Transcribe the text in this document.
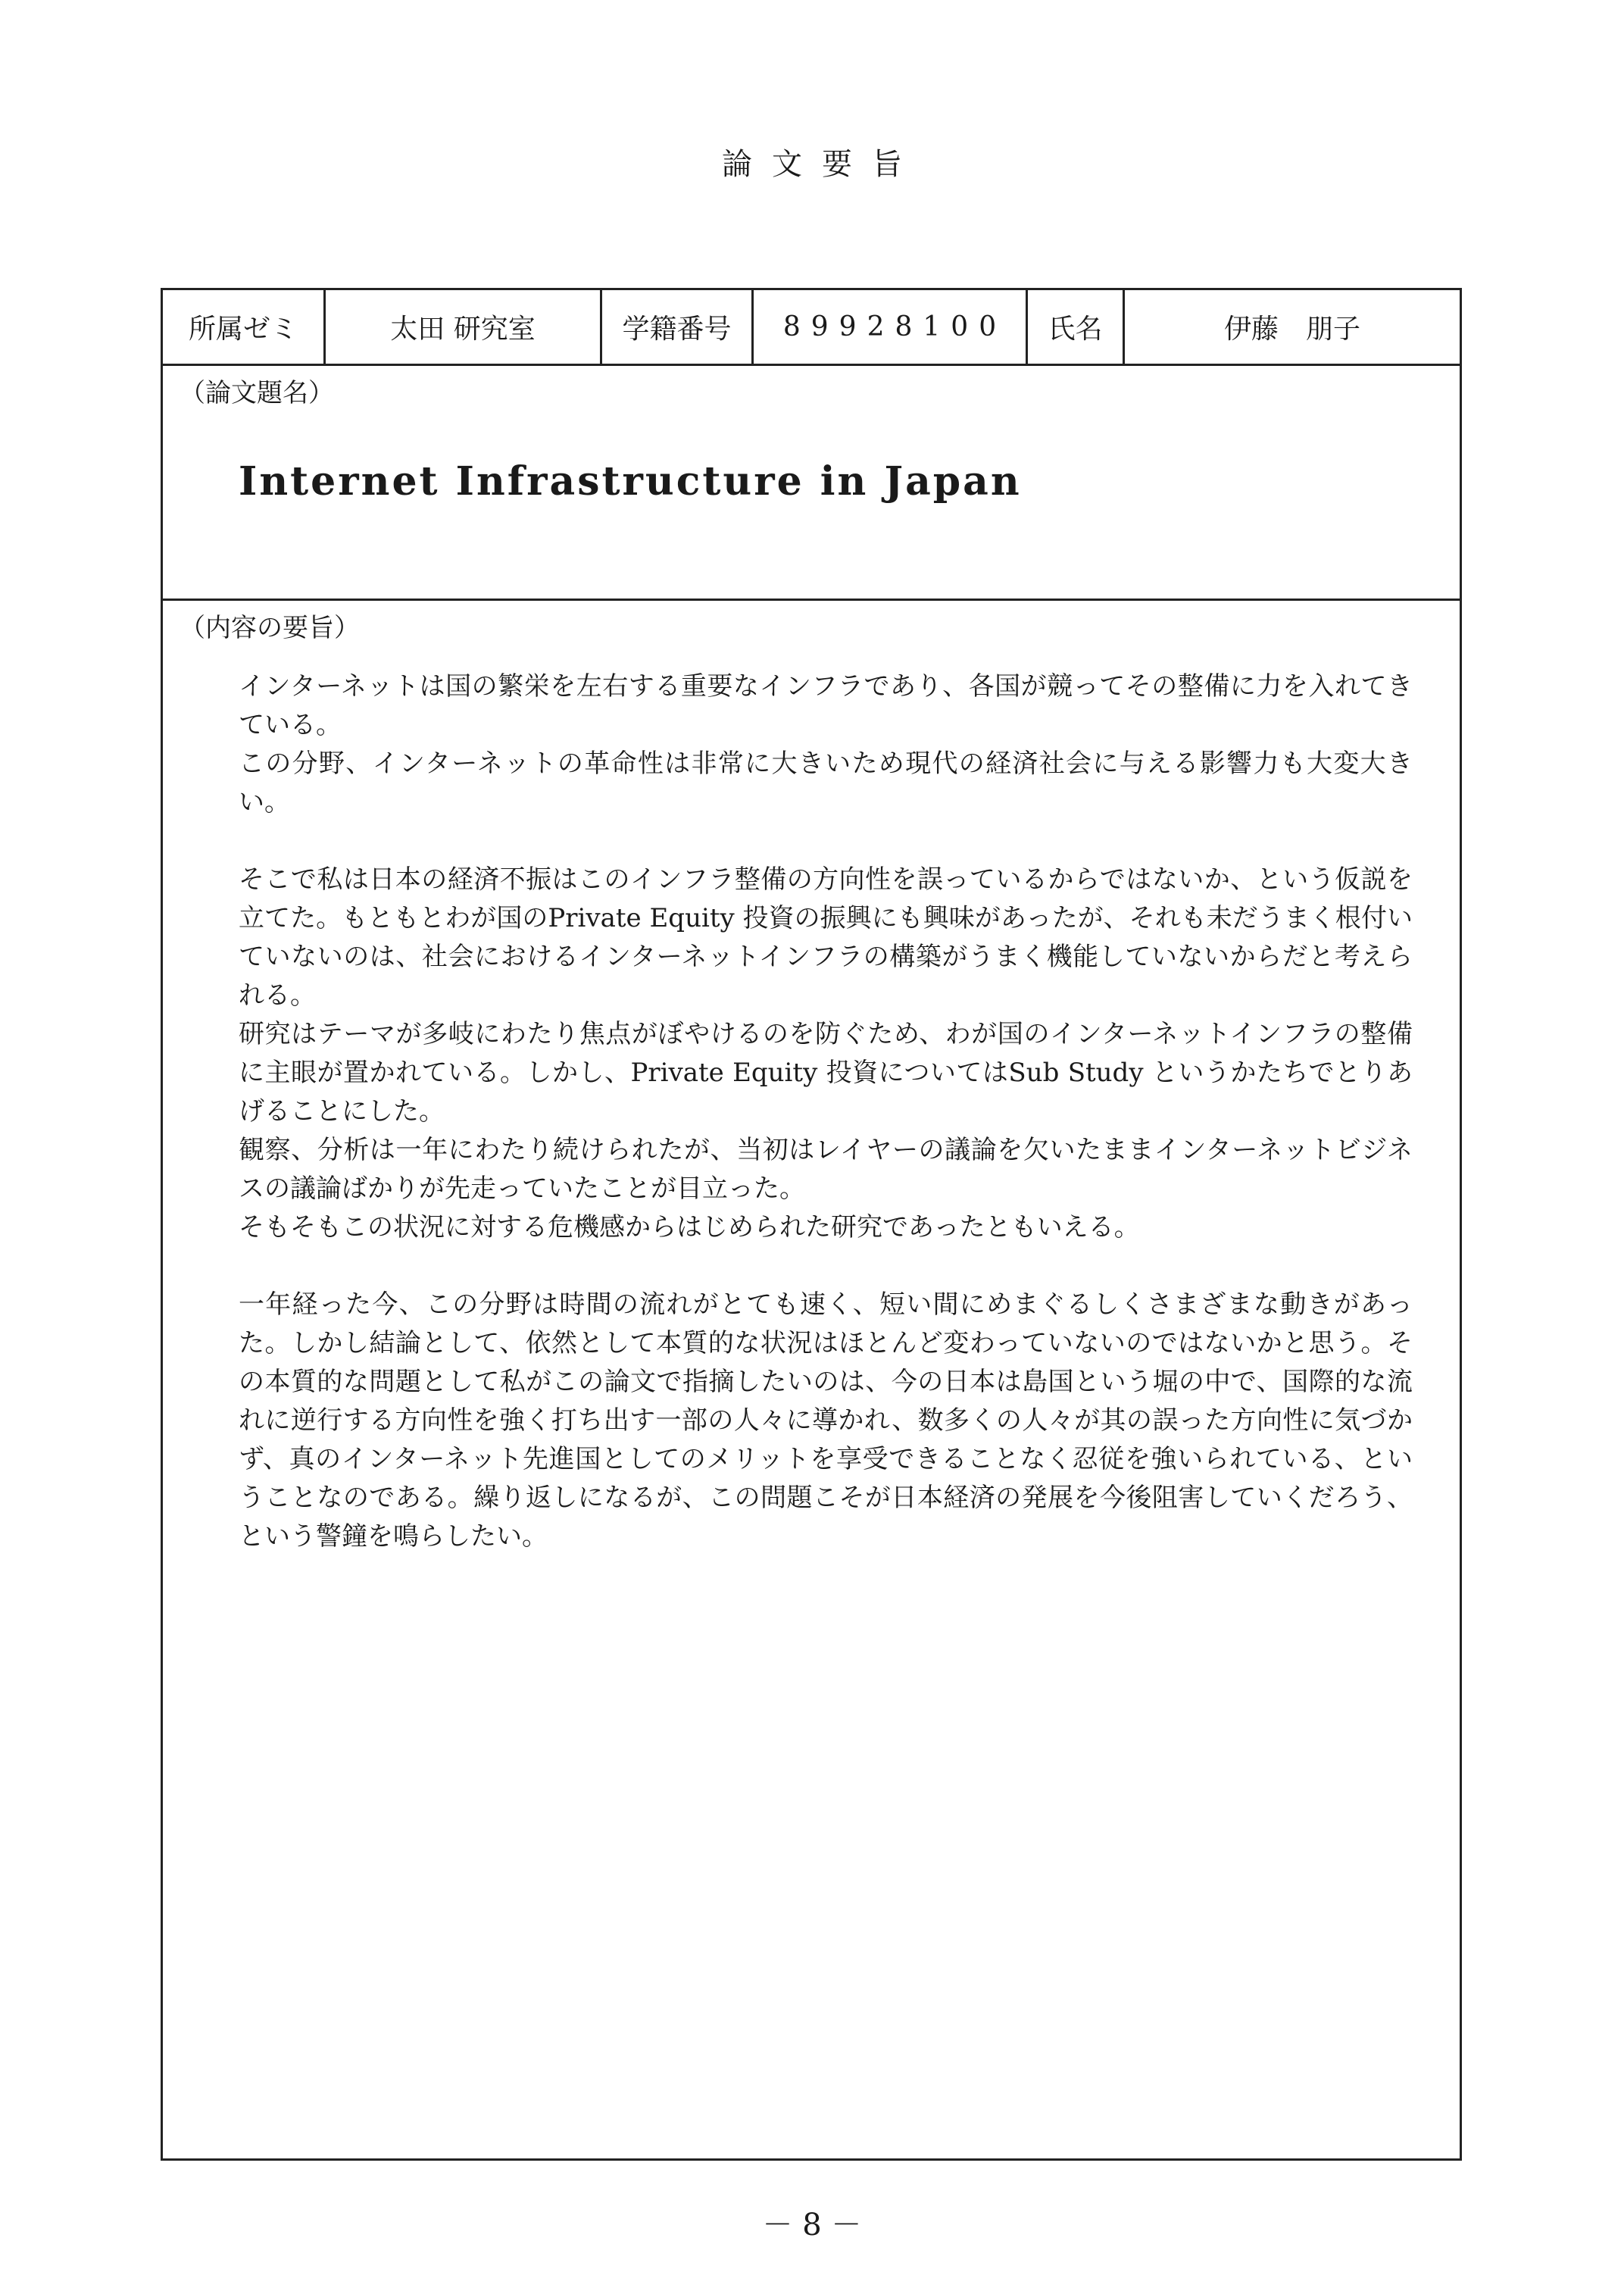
論文要旨
所属ゼミ	太田 研究室	学籍番号	89928100	氏名	伊藤　朋子
（論文題名）
Internet Infrastructure in Japan
（内容の要旨）

インターネットは国の繁栄を左右する重要なインフラであり、各国が競ってその整備に力を入れてきている。

この分野、インターネットの革命性は非常に大きいため現代の経済社会に与える影響力も大変大きい。

そこで私は日本の経済不振はこのインフラ整備の方向性を誤っているからではないか、という仮説を立てた。もともとわが国のPrivate Equity 投資の振興にも興味があったが、それも未だうまく根付いていないのは、社会におけるインターネットインフラの構築がうまく機能していないからだと考えられる。

研究はテーマが多岐にわたり焦点がぼやけるのを防ぐため、わが国のインターネットインフラの整備に主眼が置かれている。しかし、Private Equity 投資についてはSub Study というかたちでとりあげることにした。

観察、分析は一年にわたり続けられたが、当初はレイヤーの議論を欠いたままインターネットビジネスの議論ばかりが先走っていたことが目立った。

そもそもこの状況に対する危機感からはじめられた研究であったともいえる。

一年経った今、この分野は時間の流れがとても速く、短い間にめまぐるしくさまざまな動きがあった。しかし結論として、依然として本質的な状況はほとんど変わっていないのではないかと思う。その本質的な問題として私がこの論文で指摘したいのは、今の日本は島国という堀の中で、国際的な流れに逆行する方向性を強く打ち出す一部の人々に導かれ、数多くの人々が其の誤った方向性に気づかず、真のインターネット先進国としてのメリットを享受できることなく忍従を強いられている、ということなのである。繰り返しになるが、この問題こそが日本経済の発展を今後阻害していくだろう、という警鐘を鳴らしたい。

－ 8 －
